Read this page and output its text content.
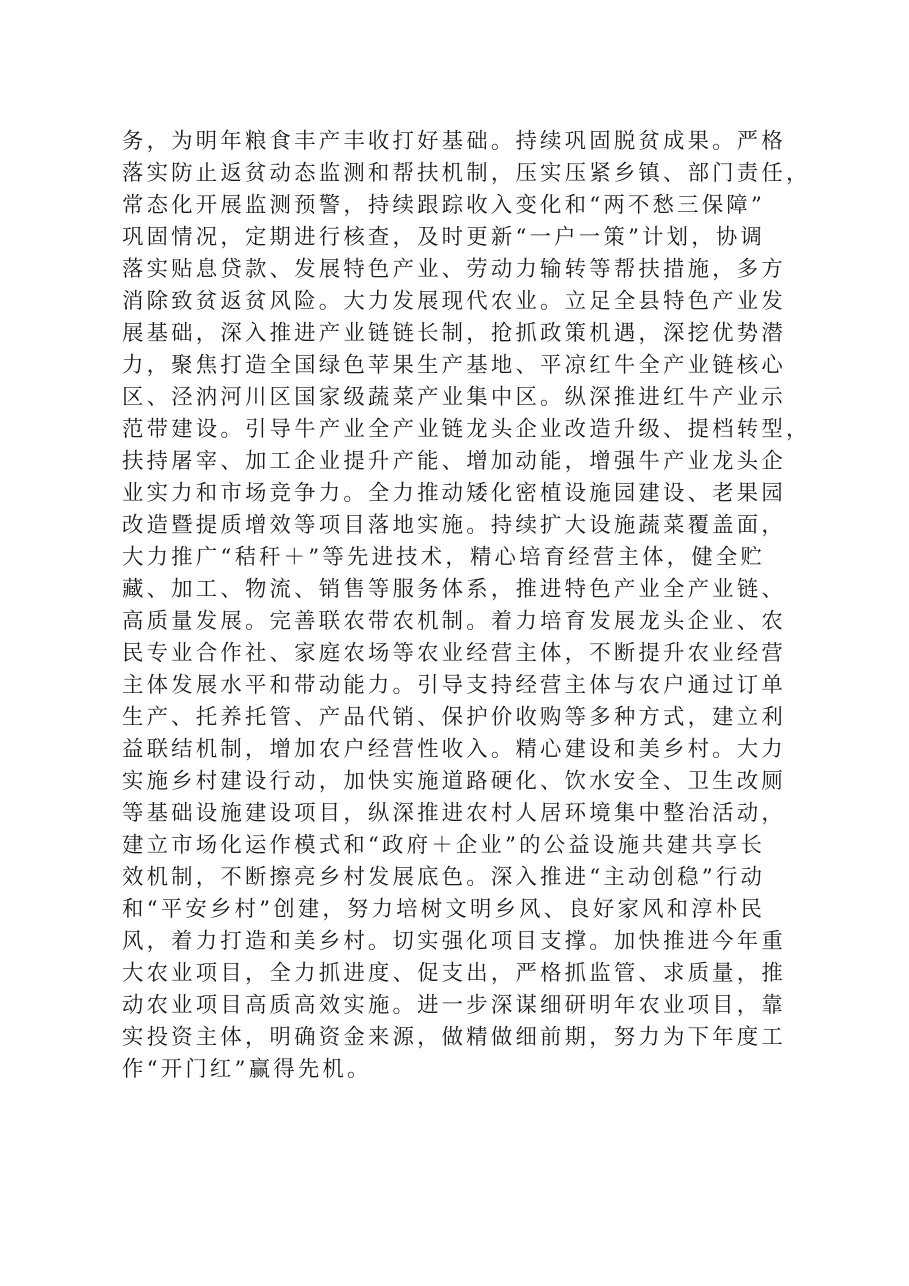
务，为明年粮食丰产丰收打好基础。持续巩固脱贫成果。严格
落实防止返贫动态监测和帮扶机制，压实压紧乡镇、部门责任，
常态化开展监测预警，持续跟踪收入变化和“两不愁三保障”
巩固情况，定期进行核查，及时更新“一户一策”计划，协调
落实贴息贷款、发展特色产业、劳动力输转等帮扶措施，多方
消除致贫返贫风险。大力发展现代农业。立足全县特色产业发
展基础，深入推进产业链链长制，抢抓政策机遇，深挖优势潜
力，聚焦打造全国绿色苹果生产基地、平凉红牛全产业链核心
区、泾汭河川区国家级蔬菜产业集中区。纵深推进红牛产业示
范带建设。引导牛产业全产业链龙头企业改造升级、提档转型，
扶持屠宰、加工企业提升产能、增加动能，增强牛产业龙头企
业实力和市场竞争力。全力推动矮化密植设施园建设、老果园
改造暨提质增效等项目落地实施。持续扩大设施蔬菜覆盖面，
大力推广“秸秆＋”等先进技术，精心培育经营主体，健全贮
藏、加工、物流、销售等服务体系，推进特色产业全产业链、
高质量发展。完善联农带农机制。着力培育发展龙头企业、农
民专业合作社、家庭农场等农业经营主体，不断提升农业经营
主体发展水平和带动能力。引导支持经营主体与农户通过订单
生产、托养托管、产品代销、保护价收购等多种方式，建立利
益联结机制，增加农户经营性收入。精心建设和美乡村。大力
实施乡村建设行动，加快实施道路硬化、饮水安全、卫生改厕
等基础设施建设项目，纵深推进农村人居环境集中整治活动，
建立市场化运作模式和“政府＋企业”的公益设施共建共享长
效机制，不断擦亮乡村发展底色。深入推进“主动创稳”行动
和“平安乡村”创建，努力培树文明乡风、良好家风和淳朴民
风，着力打造和美乡村。切实强化项目支撑。加快推进今年重
大农业项目，全力抓进度、促支出，严格抓监管、求质量，推
动农业项目高质高效实施。进一步深谋细研明年农业项目，靠
实投资主体，明确资金来源，做精做细前期，努力为下年度工
作“开门红”赢得先机。
